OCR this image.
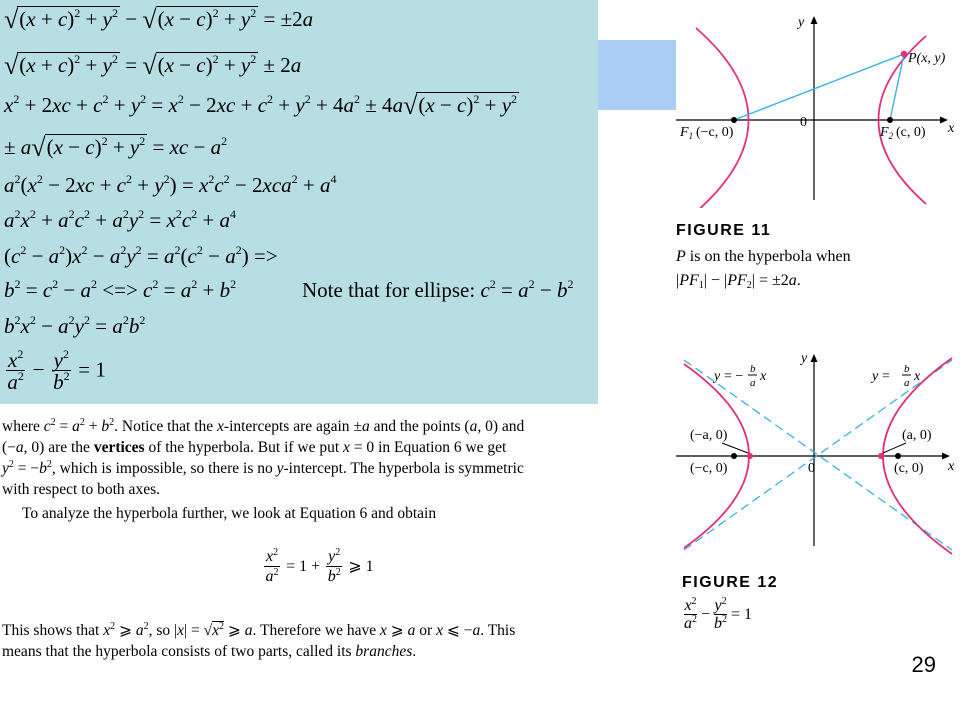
$√(x + c)^2 + y^2 - √(x - c)^2 + y^2 = \pm 2a$
$√(x + c)^2 + y^2 = √(x - c)^2 + y^2 \pm 2a$
$x^2 + 2xc + c^2 + y^2 = x^2 - 2xc + c^2 + y^2 + 4a^2 \pm 4a√(x - c)^2 + y^2$
± $a√(x - c)^2 + y^2$ = xc − $a^2$
$a^2(x^2 - 2xc + c^2 + y^2) = x^2c^2 - 2xca^2 + a^4$
$a^2x^2 + a^2c^2 + a^2y^2 = x^2c^2 + a^4$
$(c^2 - a^2)x^2 - a^2y^2 = a^2(c^2 - a^2)$ =>
$b^2 = c^2 - a^2$ <=> $c^2 = a^2 + b^2$	Note that for ellipse: $c^2 = a^2 - b^2$
$b^2x^2 - a^2y^2 = a^2b^2$
$\frac{x^2}{a^2} - \frac{y^2}{b^2} = 1$
where $c^2 = a^2 + b^2$. Notice that the x-intercepts are again ±a and the points (a, 0) and
(−a, 0) are the vertices of the hyperbola. But if we put x = 0 in Equation 6 we get
$y^2 = -b^2$, which is impossible, so there is no y-intercept. The hyperbola is symmetric
with respect to both axes.
To analyze the hyperbola further, we look at Equation 6 and obtain
$\frac{x^2}{a^2} = 1 + \frac{y^2}{b^2}$ ⩾ 1
This shows that $x^2$ ⩾ $a^2$, so $|x| = √x^2$ ⩾ a. Therefore we have x ⩾ a or x ⩽ −a. This
means that the hyperbola consists of two parts, called its branches.
y
x
0
P(x, y)
$F_1$ (−c, 0)	$F_2$ (c, 0)
FIGURE 11
P is on the hyperbola when
$|PF_1| - |PF_2| = \pm 2a$.
y
x
0
y = − b
a x	y = b
a x
(−a, 0)
(−c, 0)
(a, 0)
(c, 0)
FIGURE 12
$\frac{x^2}{a^2} - \frac{y^2}{b^2} = 1$
29
